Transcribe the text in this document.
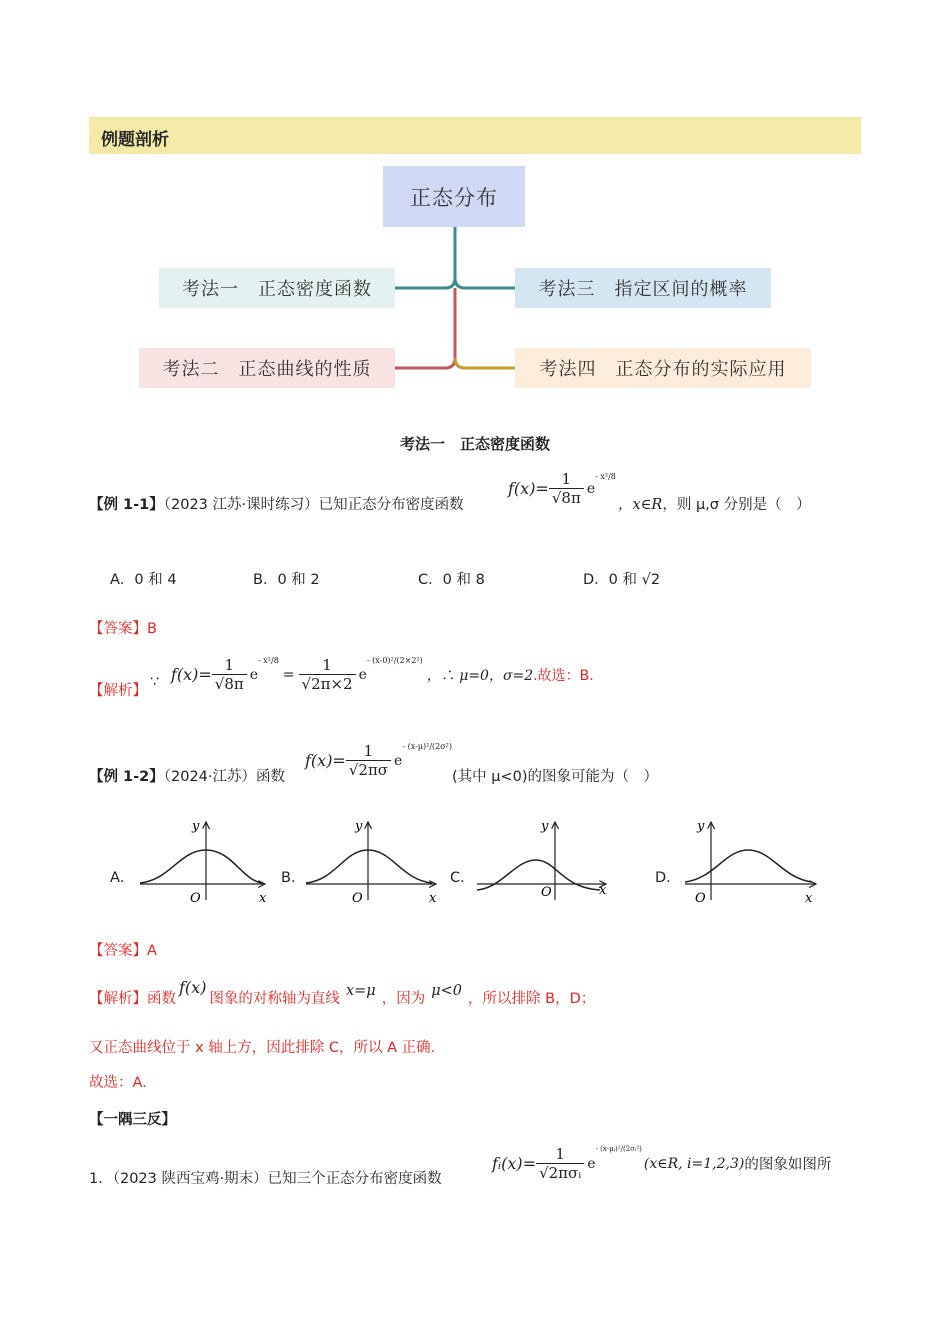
例题剖析
正态分布
考法一　正态密度函数
考法二　正态曲线的性质
考法三　指定区间的概率
考法四　正态分布的实际应用
考法一　正态密度函数
【例 1-1】（2023 江苏·课时练习）已知正态分布密度函数
$f(x)= \frac{1}{√8\pi}$ e
- x²/8
，x∈R，则 μ,σ 分别是（　）
A．0 和 4	B．0 和 2	C．0 和 8	D．0 和 √2
【答案】B
【解析】
∵ $f(x)= \frac{1}{√8\pi}$ e
- x²/8
= $\frac{1}{√2\pi\times 2}$ e
- (x-0)²/(2×2²)
，∴ μ=0，σ=2 .故选：B.
【例 1-2】（2024·江苏）函数
$f(x)= \frac{1}{√2\pi\sigma}$ e
- (x-μ)²/(2σ²)
(其中 μ<0)的图象可能为（　）
A．	B．	C．	D．
y
x
O
y
x
O
y
x
O
y
x
O
【答案】A
【解析】函数f(x)图象的对称轴为直线 x=μ ，因为 μ<0 ，所以排除 B，D；
又正态曲线位于 x 轴上方，因此排除 C，所以 A 正确.
故选：A.
【一隅三反】
1．（2023 陕西宝鸡·期末）已知三个正态分布密度函数
fᵢ(x)= $\frac{1}{\text{√2πσᵢ}}$ e
- (x-μᵢ)²/(2σᵢ²)
(x∈R, i=1,2,3) 的图象如图所
